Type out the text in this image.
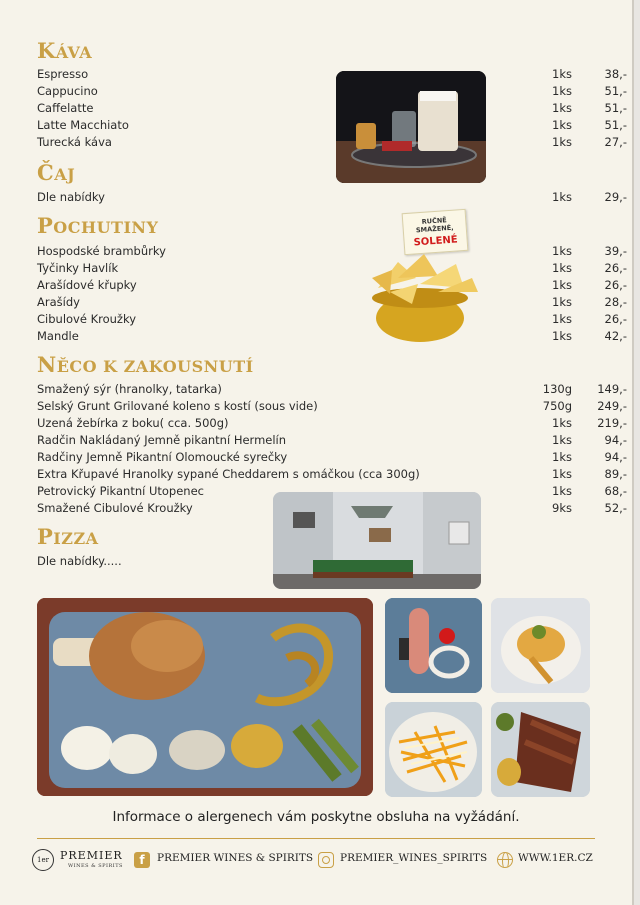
KÁVA
Espresso	1ks	38,-
Cappucino	1ks	51,-
Caffelatte	1ks	51,-
Latte Macchiato	1ks	51,-
Turecká káva	1ks	27,-
ČAJ
Dle nabídky	1ks	29,-
POCHUTINY
Hospodské brambůrky	1ks	39,-
Tyčinky Havlík	1ks	26,-
Arašídové křupky	1ks	26,-
Arašídy	1ks	28,-
Cibulové Kroužky	1ks	26,-
Mandle	1ks	42,-
RUČNĚ SMAŽENÉ,
SOLENÉ
NĚCO K ZAKOUSNUTÍ
Smažený sýr (hranolky, tatarka)	130g	149,-
Selský Grunt Grilované koleno s kostí (sous vide)	750g	249,-
Uzená žebírka z boku( cca. 500g)	1ks	219,-
Radčin Nakládaný Jemně pikantní Hermelín	1ks	94,-
Radčiny Jemně Pikantní Olomoucké syrečky	1ks	94,-
Extra Křupavé Hranolky sypané Cheddarem s omáčkou (cca 300g)	1ks	89,-
Petrovický Pikantní Utopenec	1ks	68,-
Smažené Cibulové Kroužky	9ks	52,-
PIZZA
Dle nabídky.....
Informace o alergenech vám poskytne obsluha na vyžádání.
1er	PREMIER
WINES & SPIRITS	f	PREMIER WINES & SPIRITS	PREMIER_WINES_SPIRITS	WWW.1ER.CZ
